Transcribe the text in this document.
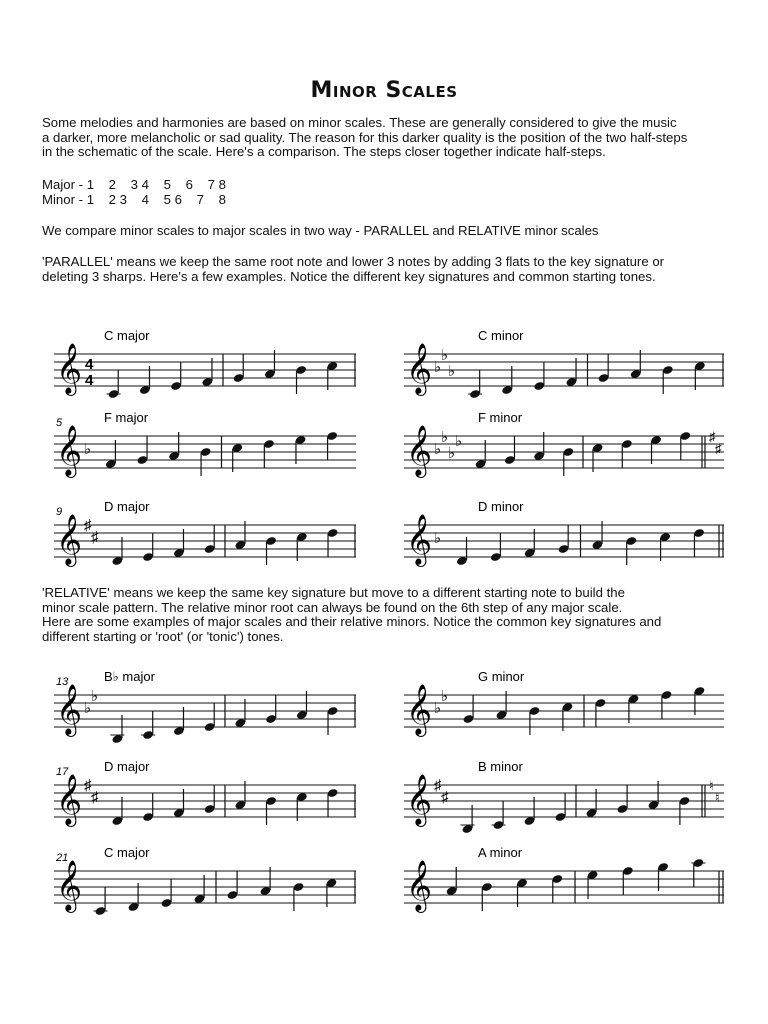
Minor Scales

Some melodies and harmonies are based on minor scales. These are generally considered to give the music
a darker, more melancholic or sad quality. The reason for this darker quality is the position of the two half-steps
in the schematic of the scale. Here's a comparison. The steps closer together indicate half-steps.

Major - 1    2    3 4    5    6    7 8

Minor - 1    2 3    4    5 6    7    8

We compare minor scales to major scales in two way - PARALLEL and RELATIVE minor scales

'PARALLEL' means we keep the same root note and lower 3 notes by adding 3 flats to the key signature or
deleting 3 sharps. Here's a few examples. Notice the different key signatures and common starting tones.

'RELATIVE' means we keep the same key signature but move to a different starting note to build the
minor scale pattern. The relative minor root can always be found on the 6th step of any major scale.
Here are some examples of major scales and their relative minors. Notice the common key signatures and
different starting or 'root' (or 'tonic') tones.

C major
𝄞 4
4
C minor
𝄞 ♭
♭
♭
F major
5
𝄞 ♭
F minor
𝄞 ♭
♭
♭
♭	♯
♯
D major
9
𝄞 ♯
♯
D minor
𝄞 ♭
B♭ major
13
𝄞 ♭
♭
G minor
𝄞 ♭
♭
D major
17
𝄞 ♯
♯
B minor
𝄞 ♯
♯
♮
♮
C major
21
𝄞
A minor
𝄞
